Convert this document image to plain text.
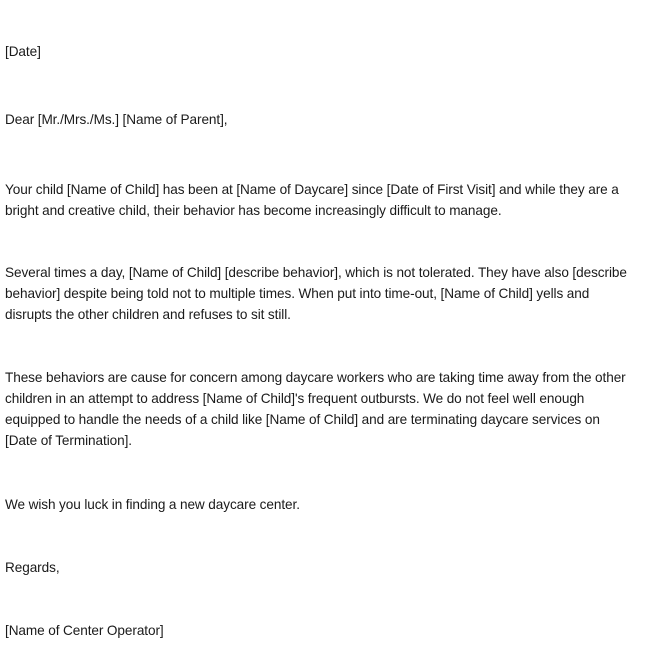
[Date]

Dear [Mr./Mrs./Ms.] [Name of Parent],

Your child [Name of Child] has been at [Name of Daycare] since [Date of First Visit] and while they are a bright and creative child, their behavior has become increasingly difficult to manage.

Several times a day, [Name of Child] [describe behavior], which is not tolerated. They have also [describe behavior] despite being told not to multiple times. When put into time-out, [Name of Child] yells and disrupts the other children and refuses to sit still.

These behaviors are cause for concern among daycare workers who are taking time away from the other children in an attempt to address [Name of Child]'s frequent outbursts. We do not feel well enough equipped to handle the needs of a child like [Name of Child] and are terminating daycare services on [Date of Termination].

We wish you luck in finding a new daycare center.

Regards,

[Name of Center Operator]
